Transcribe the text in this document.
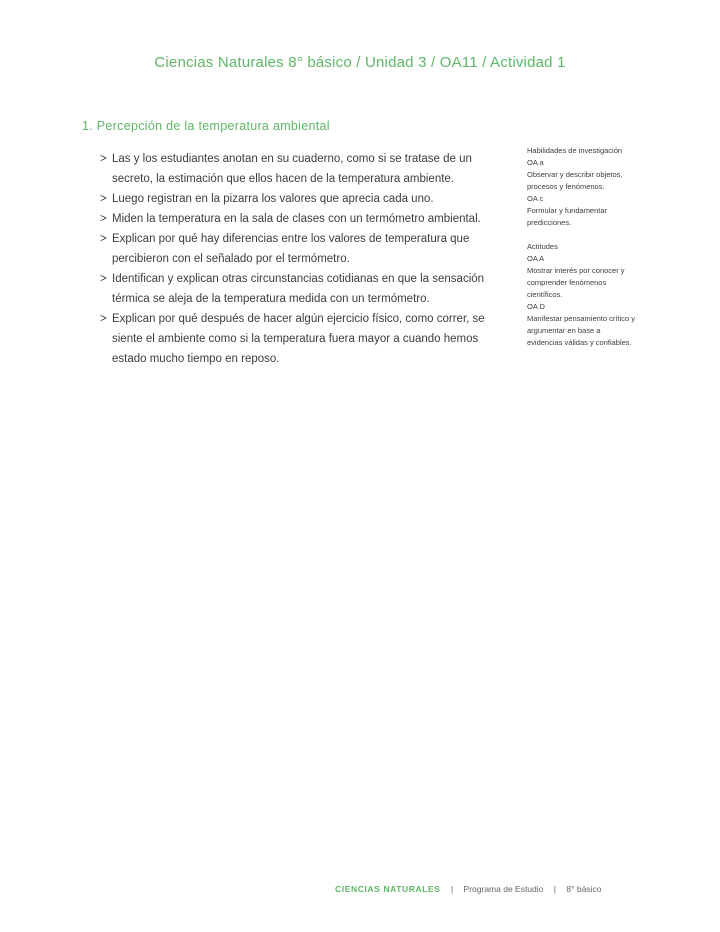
Ciencias Naturales 8° básico / Unidad 3 / OA11 / Actividad 1
1. Percepción de la temperatura ambiental
> Las y los estudiantes anotan en su cuaderno, como si se tratase de un secreto, la estimación que ellos hacen de la temperatura ambiente.
> Luego registran en la pizarra los valores que aprecia cada uno.
> Miden la temperatura en la sala de clases con un termómetro ambiental.
> Explican por qué hay diferencias entre los valores de temperatura que percibieron con el señalado por el termómetro.
> Identifican y explican otras circunstancias cotidianas en que la sensación térmica se aleja de la temperatura medida con un termómetro.
> Explican por qué después de hacer algún ejercicio físico, como correr, se siente el ambiente como si la temperatura fuera mayor a cuando hemos estado mucho tiempo en reposo.
Habilidades de investigación
OA a
Observar y describir objetos, procesos y fenómenos.
OA c
Formular y fundamentar predicciones.
Actitudes
OA A
Mostrar interés por conocer y comprender fenómenos científicos.
OA D
Manifestar pensamiento crítico y argumentar en base a evidencias válidas y confiables.
CIENCIAS NATURALES | Programa de Estudio | 8° básico
